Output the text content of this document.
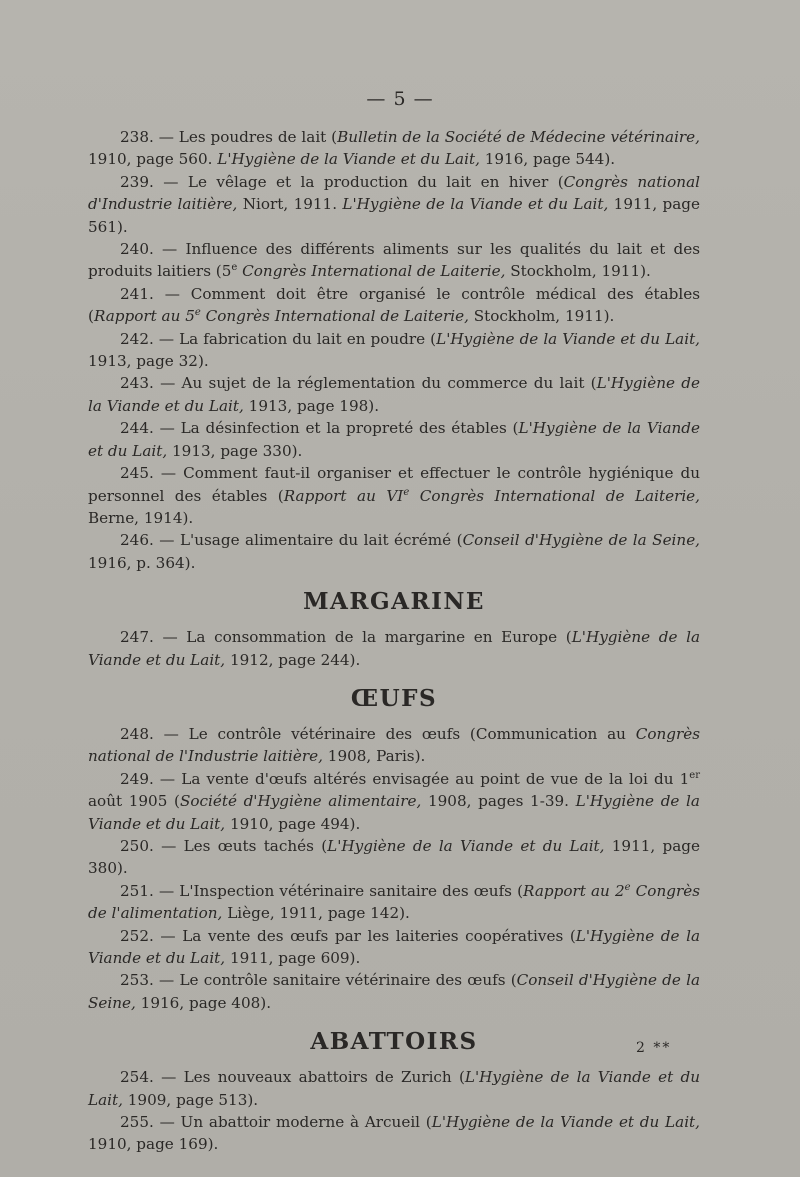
— 5 —

238. — Les poudres de lait (Bulletin de la Société de Médecine vétérinaire, 1910, page 560. L'Hygiène de la Viande et du Lait, 1916, page 544).

239. — Le vêlage et la production du lait en hiver (Congrès national d'Industrie laitière, Niort, 1911. L'Hygiène de la Viande et du Lait, 1911, page 561).

240. — Influence des différents aliments sur les qualités du lait et des produits laitiers (5e Congrès International de Laiterie, Stockholm, 1911).

241. — Comment doit être organisé le contrôle médical des étables (Rapport au 5e Congrès International de Laiterie, Stockholm, 1911).

242. — La fabrication du lait en poudre (L'Hygiène de la Viande et du Lait, 1913, page 32).

243. — Au sujet de la réglementation du commerce du lait (L'Hygiène de la Viande et du Lait, 1913, page 198).

244. — La désinfection et la propreté des étables (L'Hygiène de la Viande et du Lait, 1913, page 330).

245. — Comment faut-il organiser et effectuer le contrôle hygiénique du personnel des étables (Rapport au VIe Congrès International de Laiterie, Berne, 1914).

246. — L'usage alimentaire du lait écrémé (Conseil d'Hygiène de la Seine, 1916, p. 364).

MARGARINE

247. — La consommation de la margarine en Europe (L'Hygiène de la Viande et du Lait, 1912, page 244).

ŒUFS

248. — Le contrôle vétérinaire des œufs (Communication au Congrès national de l'Industrie laitière, 1908, Paris).

249. — La vente d'œufs altérés envisagée au point de vue de la loi du 1er août 1905 (Société d'Hygiène alimentaire, 1908, pages 1-39. L'Hygiène de la Viande et du Lait, 1910, page 494).

250. — Les œuts tachés (L'Hygiène de la Viande et du Lait, 1911, page 380).

251. — L'Inspection vétérinaire sanitaire des œufs (Rapport au 2e Congrès de l'alimentation, Liège, 1911, page 142).

252. — La vente des œufs par les laiteries coopératives (L'Hygiène de la Viande et du Lait, 1911, page 609).

253. — Le contrôle sanitaire vétérinaire des œufs (Conseil d'Hygiène de la Seine, 1916, page 408).

ABATTOIRS

254. — Les nouveaux abattoirs de Zurich (L'Hygiène de la Viande et du Lait, 1909, page 513).

255. — Un abattoir moderne à Arcueil (L'Hygiène de la Viande et du Lait, 1910, page 169).

2 **
